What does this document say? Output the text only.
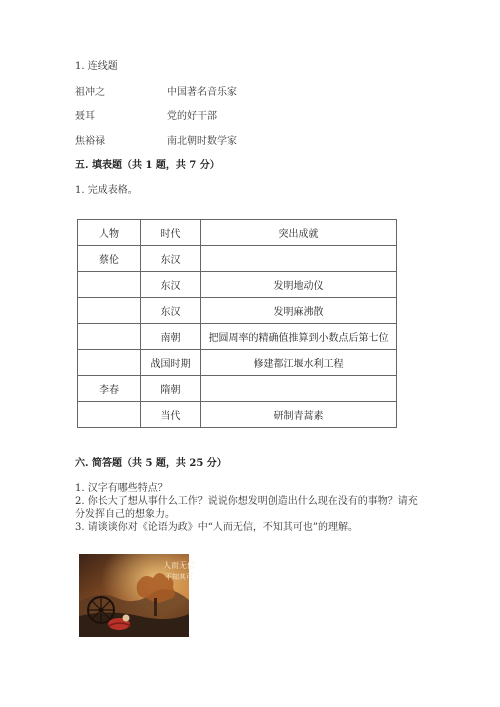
1. 连线题
祖冲之	中国著名音乐家
聂耳	党的好干部
焦裕禄	南北朝时数学家
五. 填表题（共 1 题，共 7 分）
1. 完成表格。
人物	时代	突出成就
蔡伦	东汉	
	东汉	发明地动仪
	东汉	发明麻沸散
	南朝	把圆周率的精确值推算到小数点后第七位
	战国时期	修建都江堰水利工程
李春	隋朝	
	当代	研制青蒿素
六. 简答题（共 5 题，共 25 分）
1. 汉字有哪些特点？
2. 你长大了想从事什么工作？说说你想发明创造出什么现在没有的事物？请充
分发挥自己的想象力。
3. 请谈谈你对《论语为政》中“人而无信，不知其可也”的理解。
人而无信
不知其可
